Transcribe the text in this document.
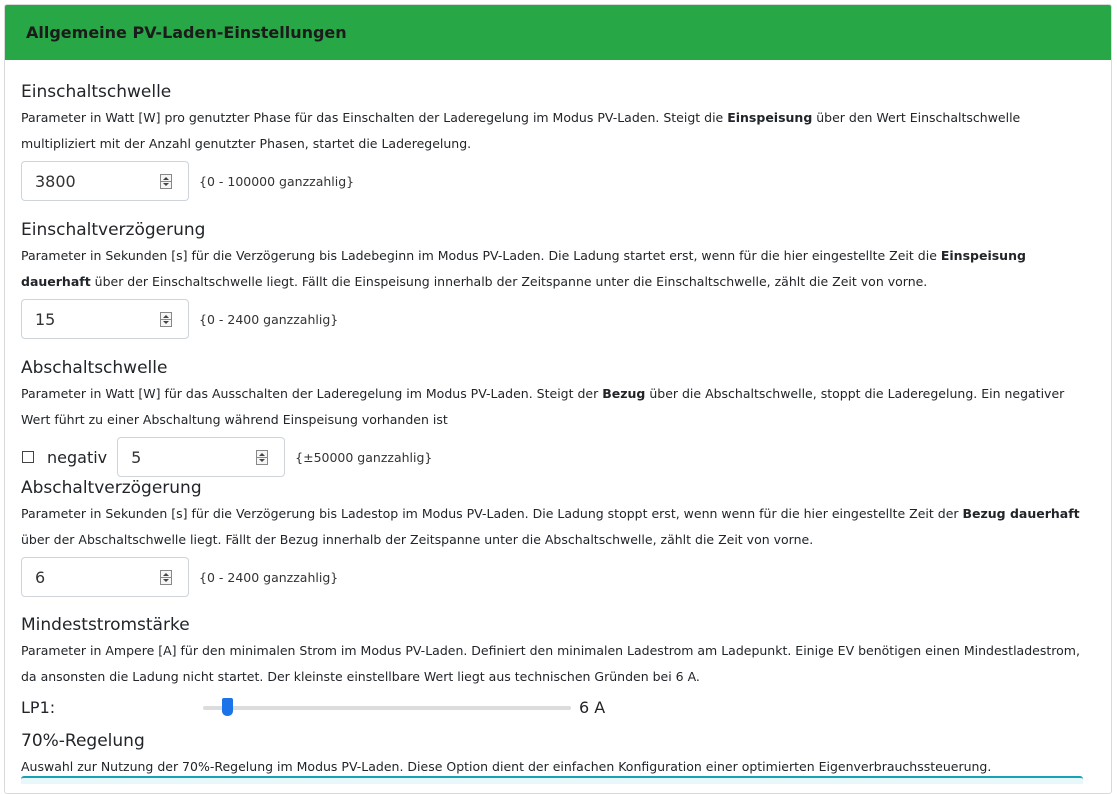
Allgemeine PV-Laden-Einstellungen
Einschaltschwelle
Parameter in Watt [W] pro genutzter Phase für das Einschalten der Laderegelung im Modus PV-Laden. Steigt die Einspeisung über den Wert Einschaltschwelle multipliziert mit der Anzahl genutzter Phasen, startet die Laderegelung.
3800	{0 - 100000 ganzzahlig}
Einschaltverzögerung
Parameter in Sekunden [s] für die Verzögerung bis Ladebeginn im Modus PV-Laden. Die Ladung startet erst, wenn für die hier eingestellte Zeit die Einspeisung dauerhaft über der Einschaltschwelle liegt. Fällt die Einspeisung innerhalb der Zeitspanne unter die Einschaltschwelle, zählt die Zeit von vorne.
15	{0 - 2400 ganzzahlig}
Abschaltschwelle
Parameter in Watt [W] für das Ausschalten der Laderegelung im Modus PV-Laden. Steigt der Bezug über die Abschaltschwelle, stoppt die Laderegelung. Ein negativer Wert führt zu einer Abschaltung während Einspeisung vorhanden ist
negativ	5	{±50000 ganzzahlig}
Abschaltverzögerung
Parameter in Sekunden [s] für die Verzögerung bis Ladestop im Modus PV-Laden. Die Ladung stoppt erst, wenn wenn für die hier eingestellte Zeit der Bezug dauerhaft über der Abschaltschwelle liegt. Fällt der Bezug innerhalb der Zeitspanne unter die Abschaltschwelle, zählt die Zeit von vorne.
6	{0 - 2400 ganzzahlig}
Mindeststromstärke
Parameter in Ampere [A] für den minimalen Strom im Modus PV-Laden. Definiert den minimalen Ladestrom am Ladepunkt. Einige EV benötigen einen Mindestladestrom, da ansonsten die Ladung nicht startet. Der kleinste einstellbare Wert liegt aus technischen Gründen bei 6 A.
LP1:	6 A
70%-Regelung
Auswahl zur Nutzung der 70%-Regelung im Modus PV-Laden. Diese Option dient der einfachen Konfiguration einer optimierten Eigenverbrauchssteuerung.
